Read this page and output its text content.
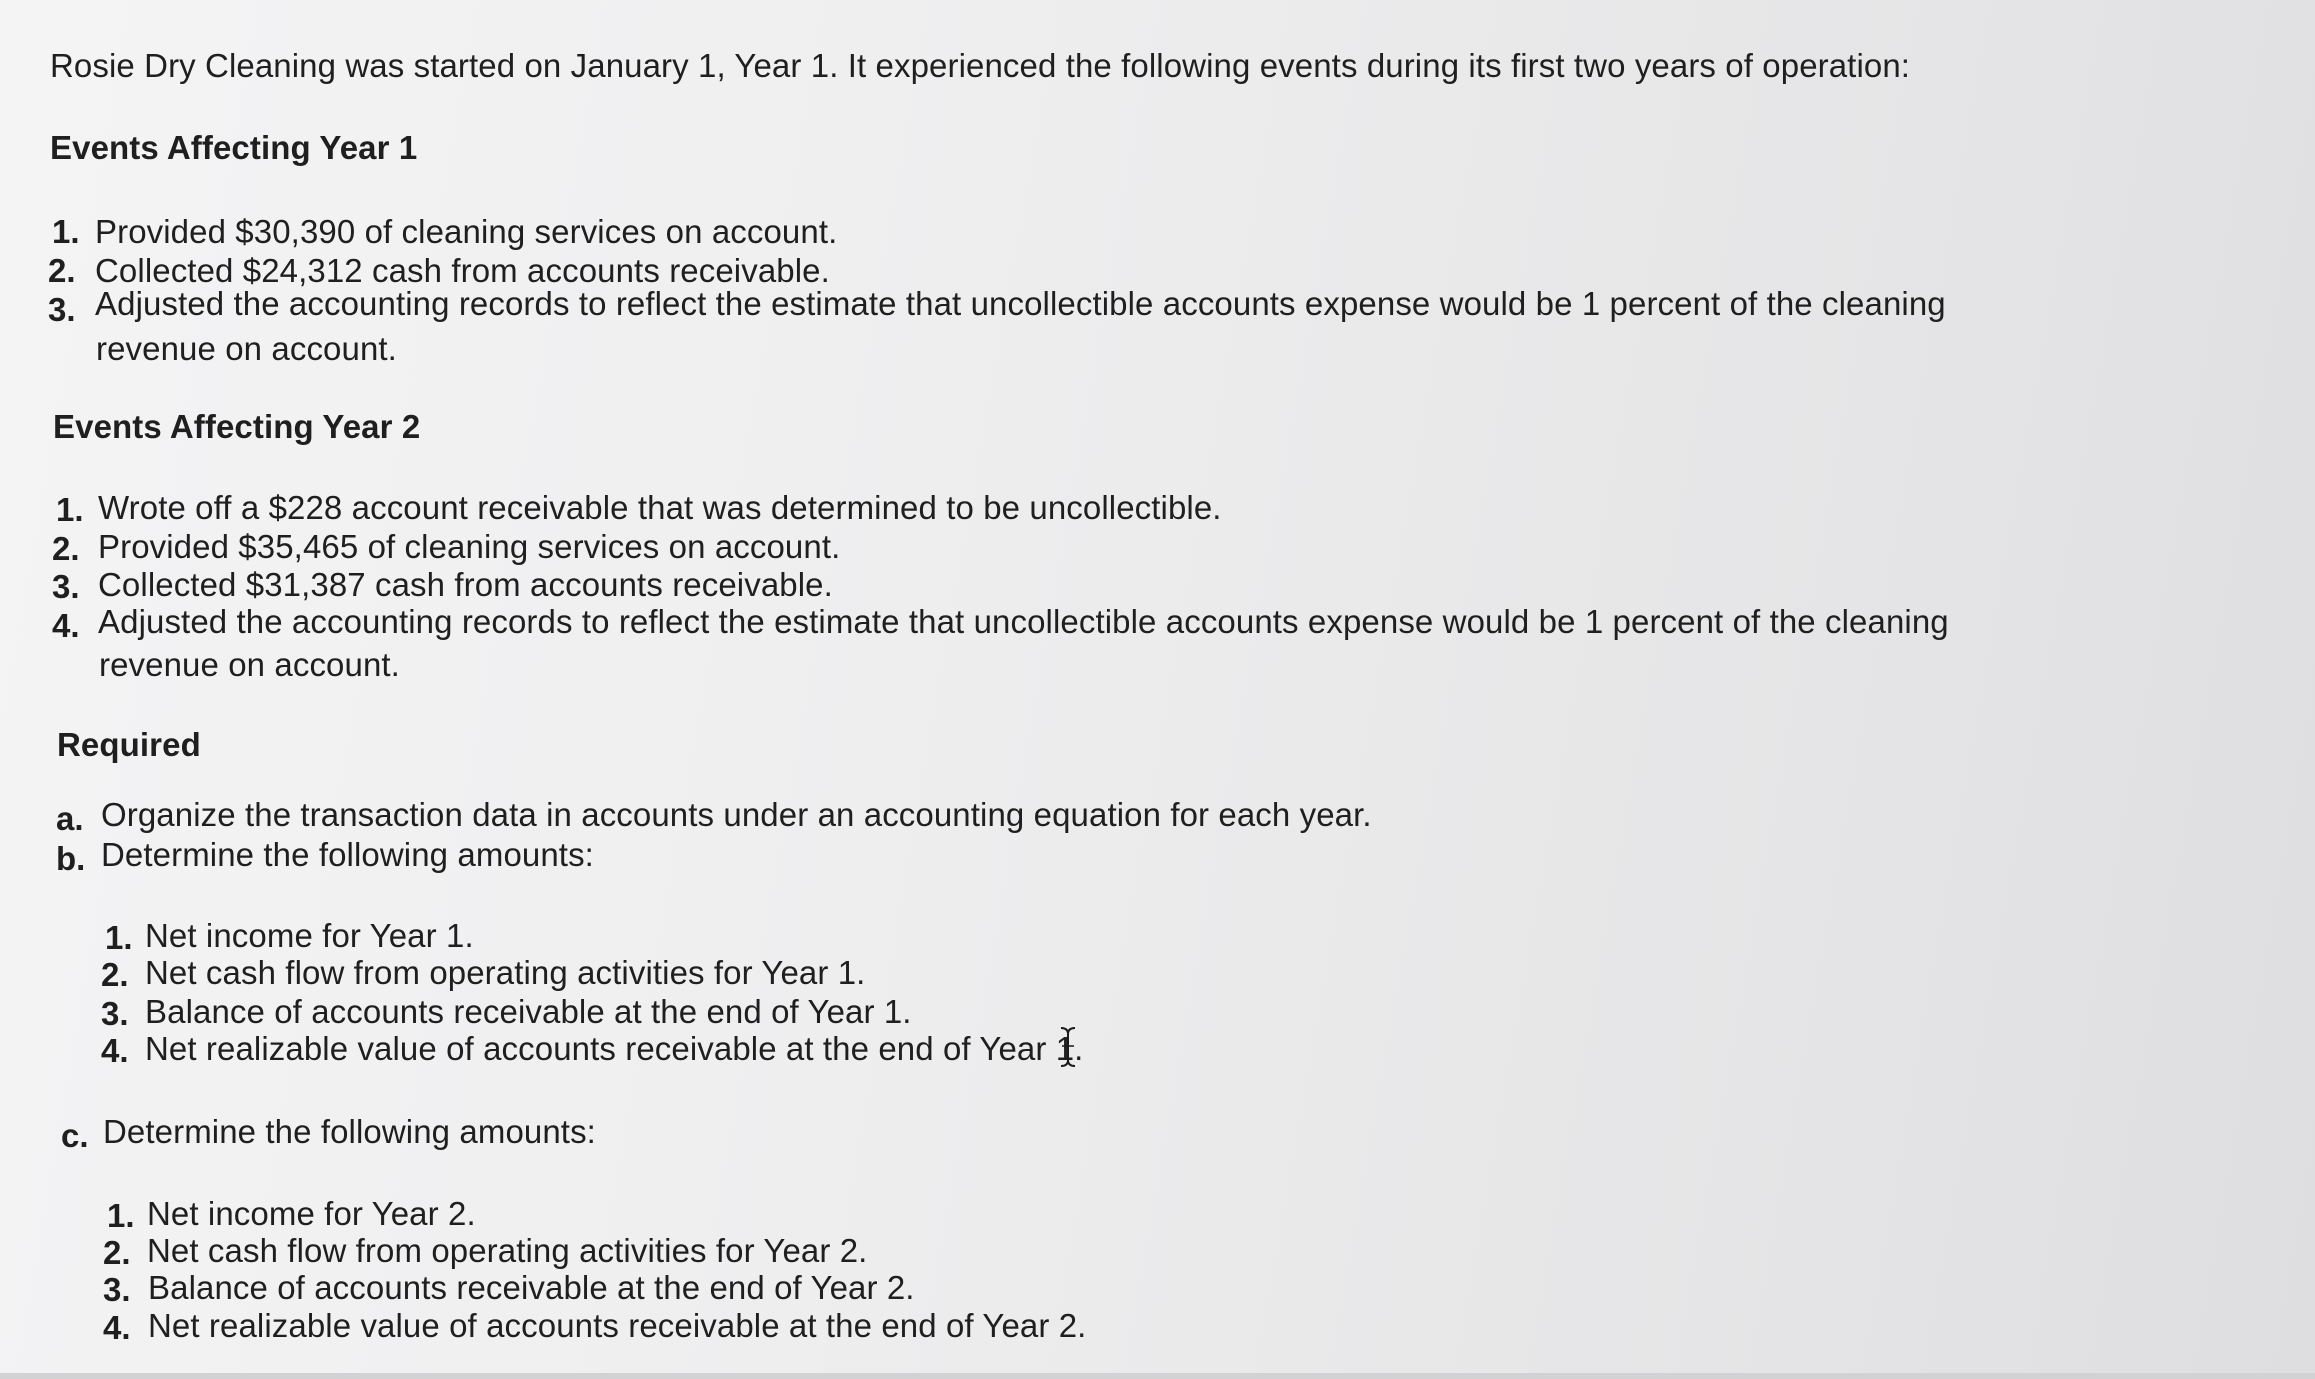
Rosie Dry Cleaning was started on January 1, Year 1. It experienced the following events during its first two years of operation:
Events Affecting Year 1
1. Provided $30,390 of cleaning services on account.
2. Collected $24,312 cash from accounts receivable.
3. Adjusted the accounting records to reflect the estimate that uncollectible accounts expense would be 1 percent of the cleaning
revenue on account.
Events Affecting Year 2
1. Wrote off a $228 account receivable that was determined to be uncollectible.
2. Provided $35,465 of cleaning services on account.
3. Collected $31,387 cash from accounts receivable.
4. Adjusted the accounting records to reflect the estimate that uncollectible accounts expense would be 1 percent of the cleaning
revenue on account.
Required
a. Organize the transaction data in accounts under an accounting equation for each year.
b. Determine the following amounts:
1. Net income for Year 1.
2. Net cash flow from operating activities for Year 1.
3. Balance of accounts receivable at the end of Year 1.
4. Net realizable value of accounts receivable at the end of Year 1.
c. Determine the following amounts:
1. Net income for Year 2.
2. Net cash flow from operating activities for Year 2.
3. Balance of accounts receivable at the end of Year 2.
4. Net realizable value of accounts receivable at the end of Year 2.
